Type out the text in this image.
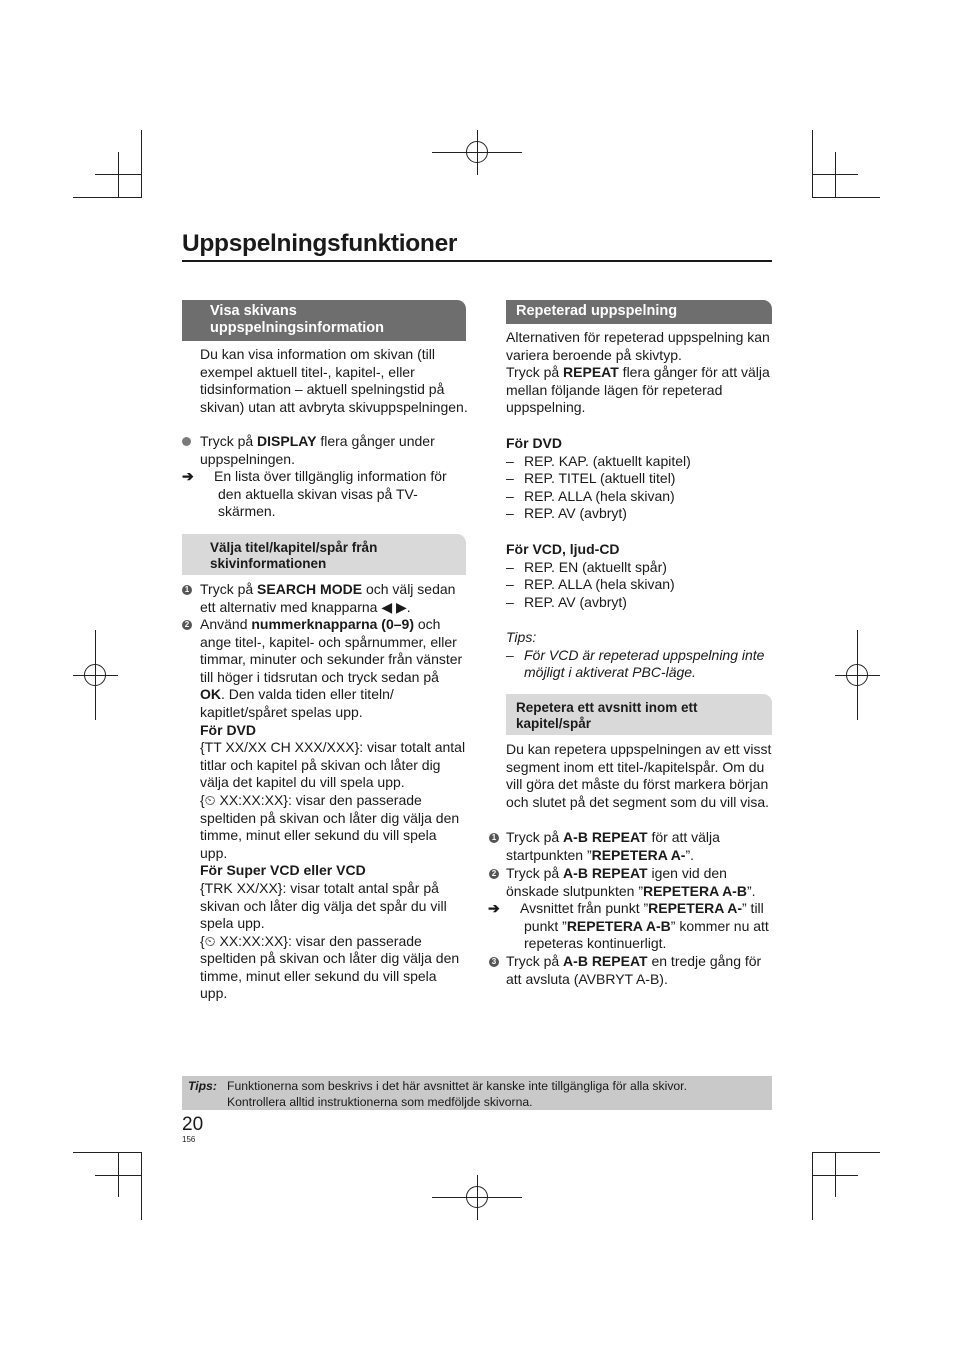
Uppspelningsfunktioner
Visa skivans uppspelningsinformation
Du kan visa information om skivan (till exempel aktuell titel-, kapitel-, eller tidsinformation – aktuell spelningstid på skivan) utan att avbryta skivuppspelningen.
Tryck på DISPLAY flera gånger under uppspelningen.
➔ En lista över tillgänglig information för den aktuella skivan visas på TV-skärmen.
Välja titel/kapitel/spår från skivinformationen
1 Tryck på SEARCH MODE och välj sedan ett alternativ med knapparna ◀ ▶.
2 Använd nummerknapparna (0–9) och ange titel-, kapitel- och spårnummer, eller timmar, minuter och sekunder från vänster till höger i tidsrutan och tryck sedan på OK. Den valda tiden eller titeln/ kapitlet/spåret spelas upp.
För DVD
{TT XX/XX CH XXX/XXX}: visar totalt antal titlar och kapitel på skivan och låter dig välja det kapitel du vill spela upp.
{⏲ XX:XX:XX}: visar den passerade speltiden på skivan och låter dig välja den timme, minut eller sekund du vill spela upp.
För Super VCD eller VCD
{TRK XX/XX}: visar totalt antal spår på skivan och låter dig välja det spår du vill spela upp.
{⏲ XX:XX:XX}: visar den passerade speltiden på skivan och låter dig välja den timme, minut eller sekund du vill spela upp.
Repeterad uppspelning
Alternativen för repeterad uppspelning kan variera beroende på skivtyp.
Tryck på REPEAT flera gånger för att välja mellan följande lägen för repeterad uppspelning.
För DVD
– REP. KAP. (aktuellt kapitel)
– REP. TITEL (aktuell titel)
– REP. ALLA (hela skivan)
– REP. AV (avbryt)
För VCD, ljud-CD
– REP. EN (aktuellt spår)
– REP. ALLA (hela skivan)
– REP. AV (avbryt)
Tips:
– För VCD är repeterad uppspelning inte möjligt i aktiverat PBC-läge.
Repetera ett avsnitt inom ett kapitel/spår
Du kan repetera uppspelningen av ett visst segment inom ett titel-/kapitelspår. Om du vill göra det måste du först markera början och slutet på det segment som du vill visa.
1 Tryck på A-B REPEAT för att välja startpunkten ”REPETERA A-”.
2 Tryck på A-B REPEAT igen vid den önskade slutpunkten ”REPETERA A-B”.
➔ Avsnittet från punkt ”REPETERA A-” till punkt ”REPETERA A-B” kommer nu att repeteras kontinuerligt.
3 Tryck på A-B REPEAT en tredje gång för att avsluta (AVBRYT A-B).
Tips: Funktionerna som beskrivs i det här avsnittet är kanske inte tillgängliga för alla skivor.
Kontrollera alltid instruktionerna som medföljde skivorna.
20
156
